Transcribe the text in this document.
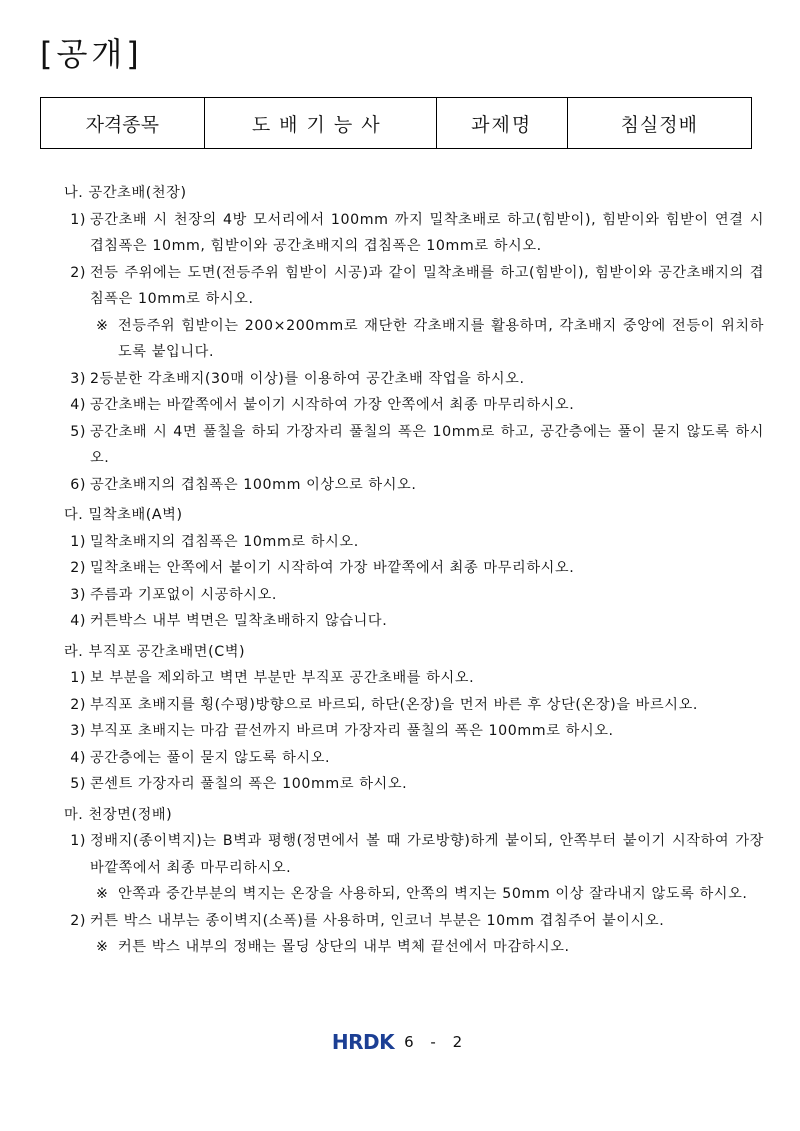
[공개]
자격종목	도배기능사	과제명	침실정배
나. 공간초배(천장)
1) 공간초배 시 천장의 4방 모서리에서 100mm 까지 밀착초배로 하고(힘받이), 힘받이와 힘받이 연결 시 겹침폭은 10mm, 힘받이와 공간초배지의 겹침폭은 10mm로 하시오.
2) 전등 주위에는 도면(전등주위 힘받이 시공)과 같이 밀착초배를 하고(힘받이), 힘받이와 공간초배지의 겹침폭은 10mm로 하시오.
※ 전등주위 힘받이는 200×200mm로 재단한 각초배지를 활용하며, 각초배지 중앙에 전등이 위치하도록 붙입니다.
3) 2등분한 각초배지(30매 이상)를 이용하여 공간초배 작업을 하시오.
4) 공간초배는 바깥쪽에서 붙이기 시작하여 가장 안쪽에서 최종 마무리하시오.
5) 공간초배 시 4면 풀칠을 하되 가장자리 풀칠의 폭은 10mm로 하고, 공간층에는 풀이 묻지 않도록 하시오.
6) 공간초배지의 겹침폭은 100mm 이상으로 하시오.
다. 밀착초배(A벽)
1) 밀착초배지의 겹침폭은 10mm로 하시오.
2) 밀착초배는 안쪽에서 붙이기 시작하여 가장 바깥쪽에서 최종 마무리하시오.
3) 주름과 기포없이 시공하시오.
4) 커튼박스 내부 벽면은 밀착초배하지 않습니다.
라. 부직포 공간초배면(C벽)
1) 보 부분을 제외하고 벽면 부분만 부직포 공간초배를 하시오.
2) 부직포 초배지를 횡(수평)방향으로 바르되, 하단(온장)을 먼저 바른 후 상단(온장)을 바르시오.
3) 부직포 초배지는 마감 끝선까지 바르며 가장자리 풀칠의 폭은 100mm로 하시오.
4) 공간층에는 풀이 묻지 않도록 하시오.
5) 콘센트 가장자리 풀칠의 폭은 100mm로 하시오.
마. 천장면(정배)
1) 정배지(종이벽지)는 B벽과 평행(정면에서 볼 때 가로방향)하게 붙이되, 안쪽부터 붙이기 시작하여 가장 바깥쪽에서 최종 마무리하시오.
※ 안쪽과 중간부분의 벽지는 온장을 사용하되, 안쪽의 벽지는 50mm 이상 잘라내지 않도록 하시오.
2) 커튼 박스 내부는 종이벽지(소폭)를 사용하며, 인코너 부분은 10mm 겹침주어 붙이시오.
※ 커튼 박스 내부의 정배는 몰딩 상단의 내부 벽체 끝선에서 마감하시오.
HRDK 6 - 2
